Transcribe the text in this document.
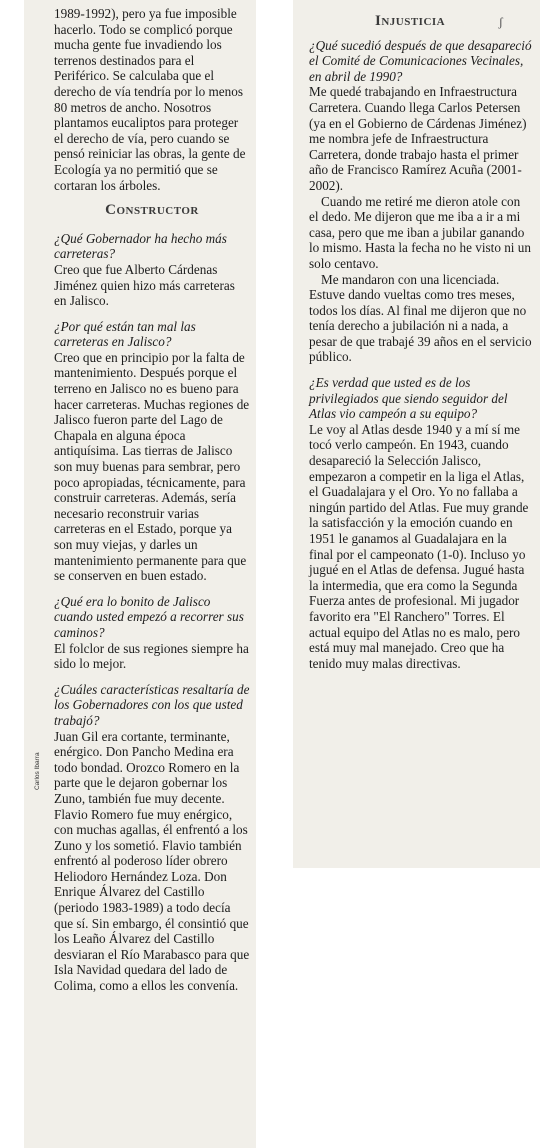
1989-1992), pero ya fue imposible hacerlo. Todo se complicó porque mucha gente fue invadiendo los terrenos destinados para el Periférico. Se calculaba que el derecho de vía tendría por lo menos 80 metros de ancho. Nosotros plantamos eucaliptos para proteger el derecho de vía, pero cuando se pensó reiniciar las obras, la gente de Ecología ya no permitió que se cortaran los árboles.

Constructor

¿Qué Gobernador ha hecho más carreteras?

Creo que fue Alberto Cárdenas Jiménez quien hizo más carreteras en Jalisco.

¿Por qué están tan mal las carreteras en Jalisco?

Creo que en principio por la falta de mantenimiento. Después porque el terreno en Jalisco no es bueno para hacer carreteras. Muchas regiones de Jalisco fueron parte del Lago de Chapala en alguna época antiquísima. Las tierras de Jalisco son muy buenas para sembrar, pero poco apropiadas, técnicamente, para construir carreteras. Además, sería necesario reconstruir varias carreteras en el Estado, porque ya son muy viejas, y darles un mantenimiento permanente para que se conserven en buen estado.

¿Qué era lo bonito de Jalisco cuando usted empezó a recorrer sus caminos?

El folclor de sus regiones siempre ha sido lo mejor.

¿Cuáles características resaltaría de los Gobernadores con los que usted trabajó?

Juan Gil era cortante, terminante, enérgico. Don Pancho Medina era todo bondad. Orozco Romero en la parte que le dejaron gobernar los Zuno, también fue muy decente. Flavio Romero fue muy enérgico, con muchas agallas, él enfrentó a los Zuno y los sometió. Flavio también enfrentó al poderoso líder obrero Heliodoro Hernández Loza. Don Enrique Álvarez del Castillo (periodo 1983-1989) a todo decía que sí. Sin embargo, él consintió que los Leaño Álvarez del Castillo desviaran el Río Marabasco para que Isla Navidad quedara del lado de Colima, como a ellos les convenía.

Carlos Ibarra
Injusticia	ʃ

¿Qué sucedió después de que desapareció el Comité de Comunicaciones Vecinales, en abril de 1990?

Me quedé trabajando en Infraestructura Carretera. Cuando llega Carlos Petersen (ya en el Gobierno de Cárdenas Jiménez) me nombra jefe de Infraestructura Carretera, donde trabajo hasta el primer año de Francisco Ramírez Acuña (2001-2002).

Cuando me retiré me dieron atole con el dedo. Me dijeron que me iba a ir a mi casa, pero que me iban a jubilar ganando lo mismo. Hasta la fecha no he visto ni un solo centavo.

Me mandaron con una licenciada. Estuve dando vueltas como tres meses, todos los días. Al final me dijeron que no tenía derecho a jubilación ni a nada, a pesar de que trabajé 39 años en el servicio público.

¿Es verdad que usted es de los privilegiados que siendo seguidor del Atlas vio campeón a su equipo?

Le voy al Atlas desde 1940 y a mí sí me tocó verlo campeón. En 1943, cuando desapareció la Selección Jalisco, empezaron a competir en la liga el Atlas, el Guadalajara y el Oro. Yo no fallaba a ningún partido del Atlas. Fue muy grande la satisfacción y la emoción cuando en 1951 le ganamos al Guadalajara en la final por el campeonato (1-0). Incluso yo jugué en el Atlas de defensa. Jugué hasta la intermedia, que era como la Segunda Fuerza antes de profesional. Mi jugador favorito era "El Ranchero" Torres. El actual equipo del Atlas no es malo, pero está muy mal manejado. Creo que ha tenido muy malas directivas.
